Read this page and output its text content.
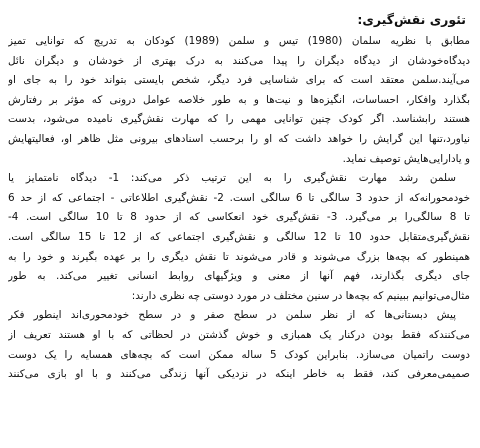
تئوری نقش‌گیری:
مطابق با نظریه سلمان (1980) تیس و سلمن (1989) کودکان به تدریج که توانایی تمیز
دیدگاه‌خودشان از دیدگاه دیگران را پیدا می‌کنند به درک بهتری از خودشان و دیگران نائل
می‌آیند.سلمن معتقد است که برای شناسایی فرد دیگر، شخص بایستی بتواند خود را به جای او
بگذارد وافکار، احساسات، انگیزه‌ها و نیت‌ها و به طور خلاصه عوامل درونی که مؤثر بر رفتارش
هستند رابشناسد. اگر کودک چنین توانایی مهمی را که مهارت نقش‌گیری نامیده می‌شود، بدست
نیاورد،تنها این گرایش را خواهد داشت که او را برحسب اسنادهای بیرونی مثل ظاهر او، فعالیتهایش
و یادارایی‌هایش توصیف نماید.
سلمن رشد مهارت نقش‌گیری را به این ترتیب ذکر می‌کند: 1- دیدگاه نامتمایز یا
خودمحورانه‌که از حدود 3 سالگی تا 6 سالگی است. 2- نقش‌گیری اطلاعاتی - اجتماعی که از حد 6
تا 8 سالگی‌را بر می‌گیرد. 3- نقش‌گیری خود انعکاسی که از حدود 8 تا 10 سالگی است. 4-
نقش‌گیری‌متقابل حدود 10 تا 12 سالگی و نقش‌گیری اجتماعی که از 12 تا 15 سالگی است.
همینطور که بچه‌ها بزرگ می‌شوند و قادر می‌شوند تا نقش دیگری را بر عهده بگیرند و خود را به
جای دیگری بگذارند، فهم آنها از معنی و ویژگیهای روابط انسانی تغییر می‌کند. به طور
مثال‌می‌توانیم ببینیم که بچه‌ها در سنین مختلف در مورد دوستی چه نظری دارند:
پیش دبستانی‌ها که از نظر سلمن در سطح صفر و در سطح خودمحوری‌اند اینطور فکر
می‌کنندکه فقط بودن درکنار یک همبازی و خوش گذشتن در لحظاتی که با او هستند تعریف از
دوست راتمیان می‌سازد. بنابراین کودک 5 ساله ممکن است که بچه‌های همسایه را یک دوست
صمیمی‌معرفی کند، فقط به خاطر اینکه در نزدیکی آنها زندگی می‌کنند و با او بازی می‌کنند
